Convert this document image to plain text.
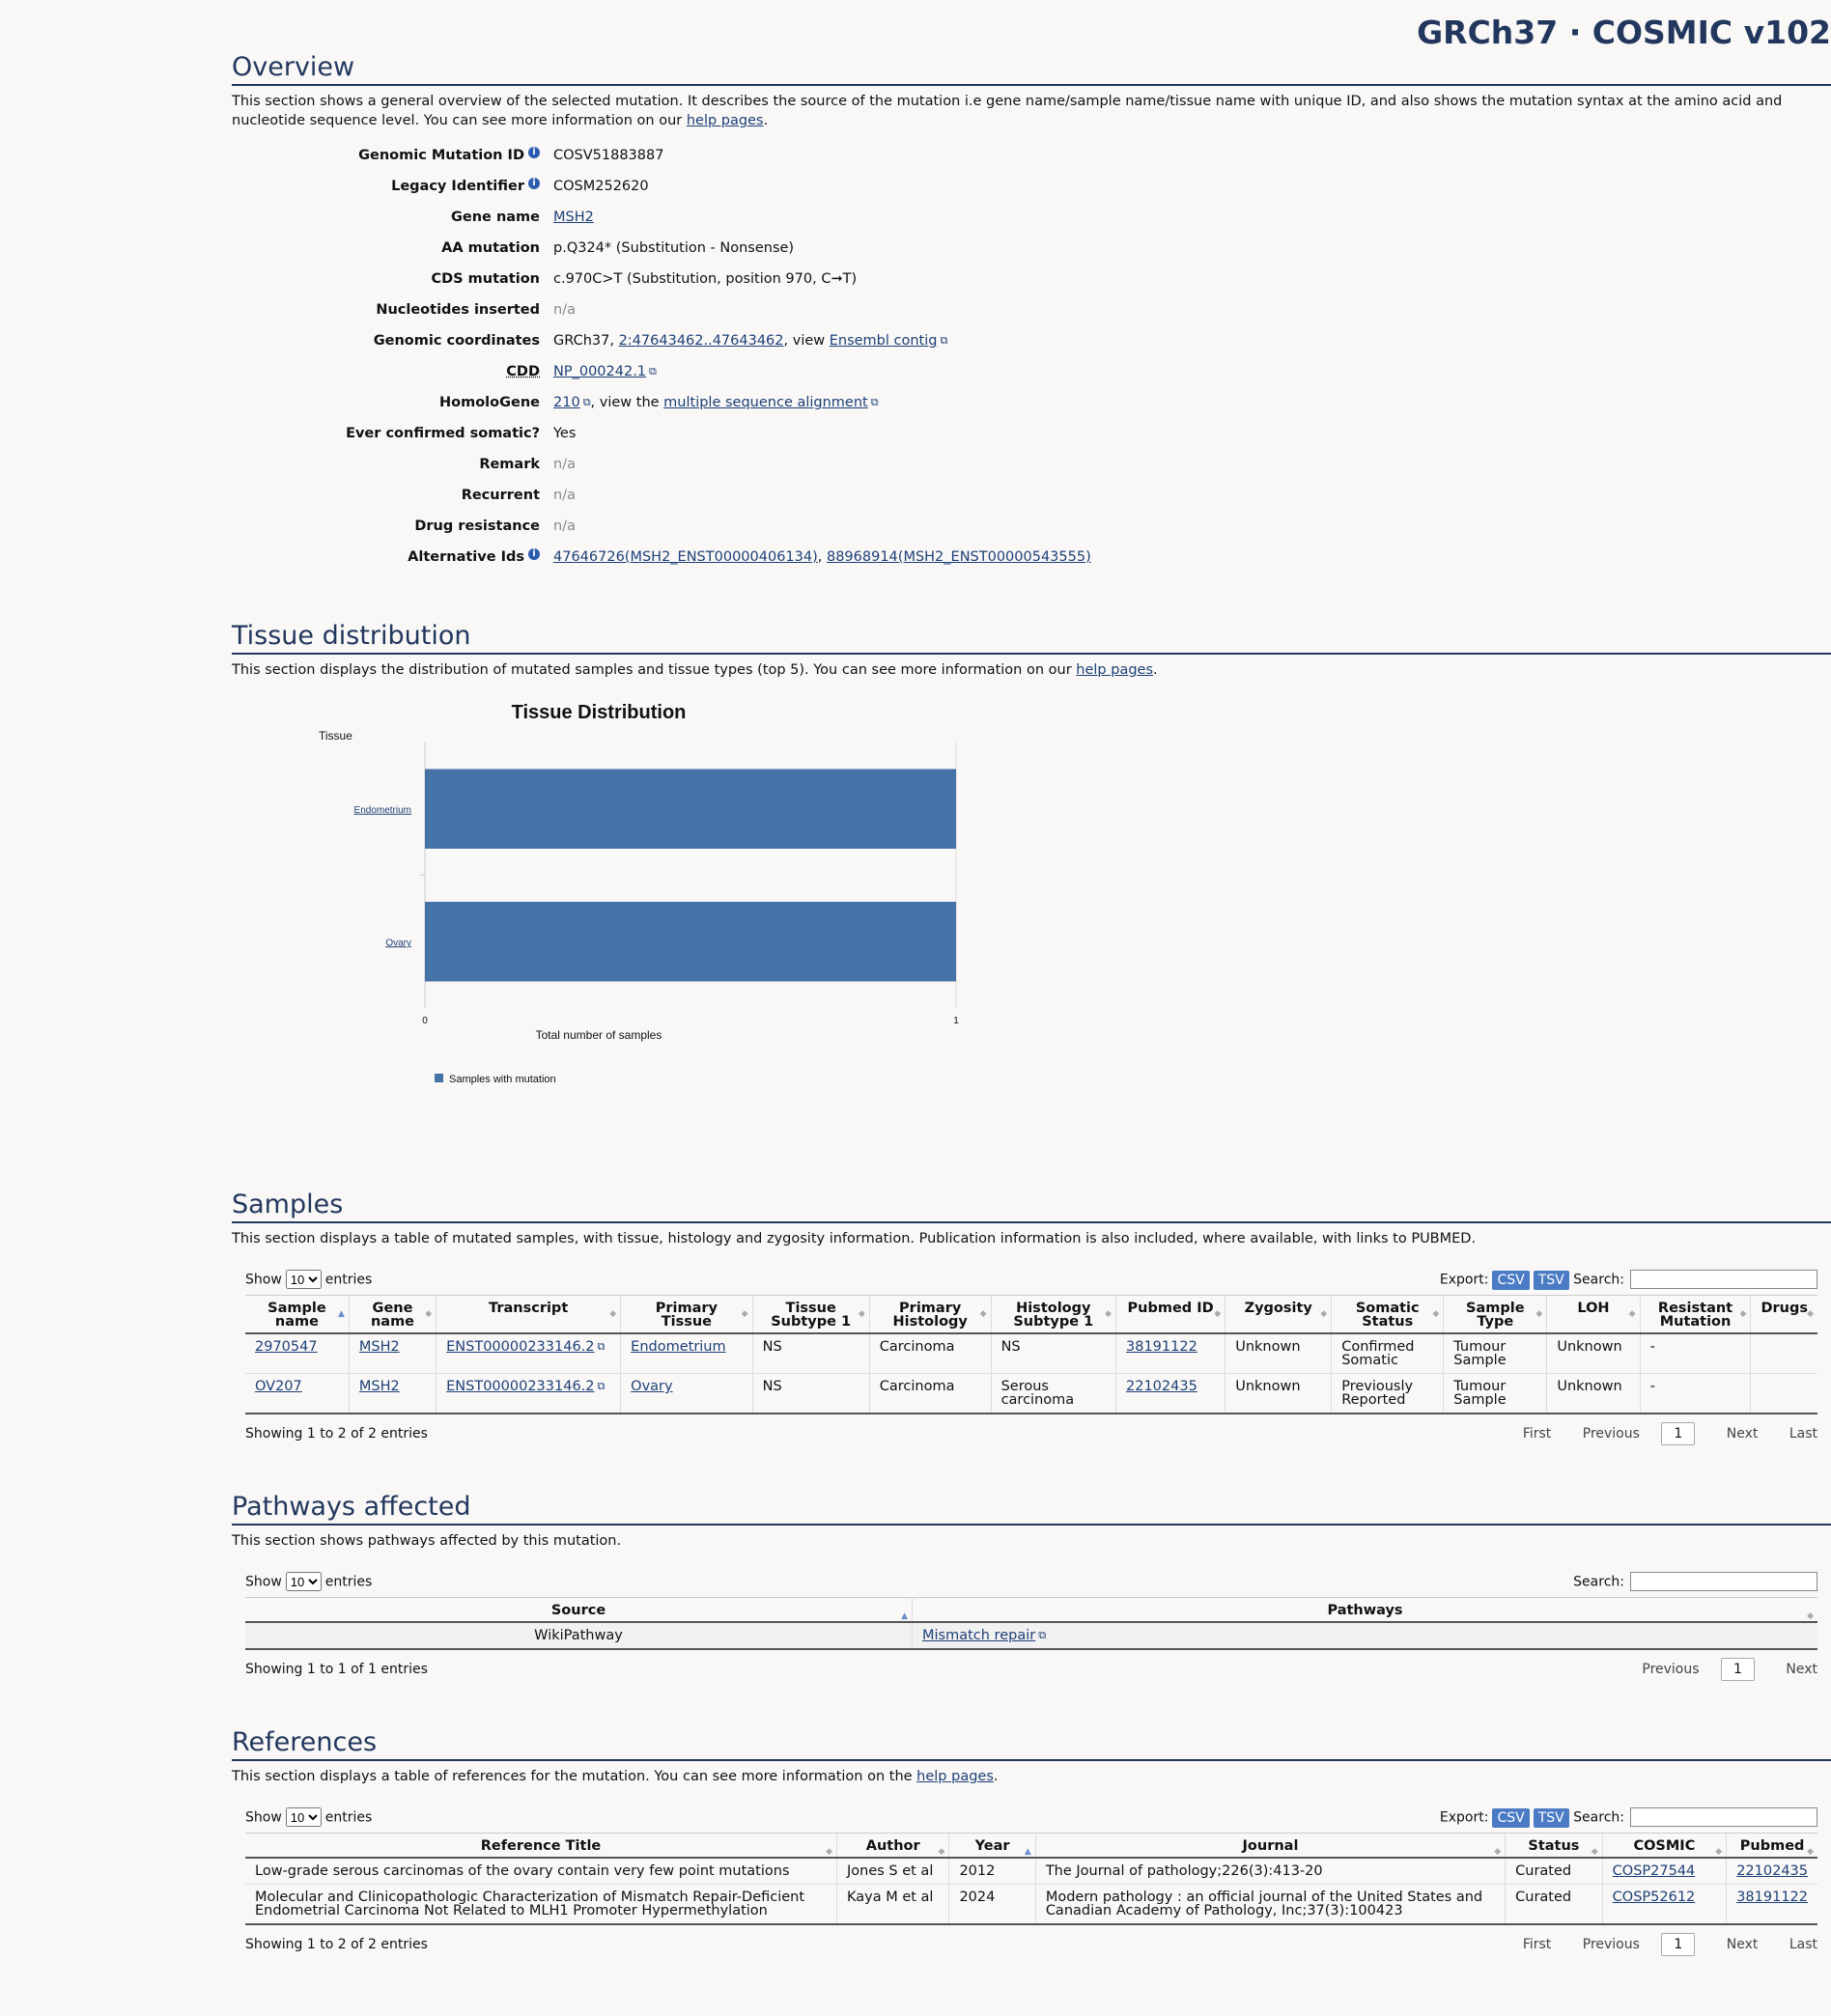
GRCh37 · COSMIC v102
Overview

This section shows a general overview of the selected mutation. It describes the source of the mutation i.e gene name/sample name/tissue name with unique ID, and also shows the mutation syntax at the amino acid and nucleotide sequence level. You can see more information on our help pages.

Genomic Mutation ID i	COSV51883887
Legacy Identifier i	COSM252620
Gene name MSH2
AA mutation p.Q324* (Substitution - Nonsense)
CDS mutation c.970C>T (Substitution, position 970, C➞T)
Nucleotides inserted n/a
Genomic coordinates GRCh37, 2:47643462..47643462, view Ensembl contig ⧉
CDD NP_000242.1 ⧉
HomoloGene 210 ⧉, view the multiple sequence alignment ⧉
Ever confirmed somatic? Yes
Remark n/a
Recurrent n/a
Drug resistance n/a
Alternative Ids i	47646726(MSH2_ENST00000406134), 88968914(MSH2_ENST00000543555)
Tissue distribution

This section displays the distribution of mutated samples and tissue types (top 5). You can see more information on our help pages.

Tissue Distribution
Tissue
Endometrium
Ovary
0	1
Total number of samples
Samples with mutation
Samples

This section displays a table of mutated samples, with tissue, histology and zygosity information. Publication information is also included, where available, with links to PUBMED.

Show
10	entries	Export: CSV TSV Search:
Sample name ▲	Gene name ◆	Transcript ◆	Primary Tissue ◆	Tissue Subtype 1 ◆	Primary Histology ◆	Histology Subtype 1 ◆	Pubmed ID ◆	Zygosity ◆	Somatic Status ◆	Sample Type ◆	LOH ◆	Resistant Mutation ◆	Drugs ◆

2970547	MSH2	ENST00000233146.2 ⧉	Endometrium	NS	Carcinoma	NS	38191122	Unknown	Confirmed Somatic	Tumour Sample	Unknown	-	
OV207	MSH2	ENST00000233146.2 ⧉	Ovary	NS	Carcinoma	Serous carcinoma	22102435	Unknown	Previously Reported	Tumour Sample	Unknown	-	
Showing 1 to 2 of 2 entries	First Previous	1	Next Last
Pathways affected

This section shows pathways affected by this mutation.

Show
10	entries	Search:
Source ▲	Pathways ◆

WikiPathway	Mismatch repair ⧉
Showing 1 to 1 of 1 entries	Previous	1	Next
References

This section displays a table of references for the mutation. You can see more information on the help pages.

Show
10	entries	Export: CSV TSV Search:
Reference Title ◆	Author ◆	Year ▲	Journal ◆	Status ◆	COSMIC ◆	Pubmed ◆

Low-grade serous carcinomas of the ovary contain very few point mutations	Jones S et al	2012	The Journal of pathology;226(3):413-20	Curated	COSP27544	22102435
Molecular and Clinicopathologic Characterization of Mismatch Repair-Deficient Endometrial Carcinoma Not Related to MLH1 Promoter Hypermethylation	Kaya M et al	2024	Modern pathology : an official journal of the United States and Canadian Academy of Pathology, Inc;37(3):100423	Curated	COSP52612	38191122
Showing 1 to 2 of 2 entries	First Previous	1	Next Last
